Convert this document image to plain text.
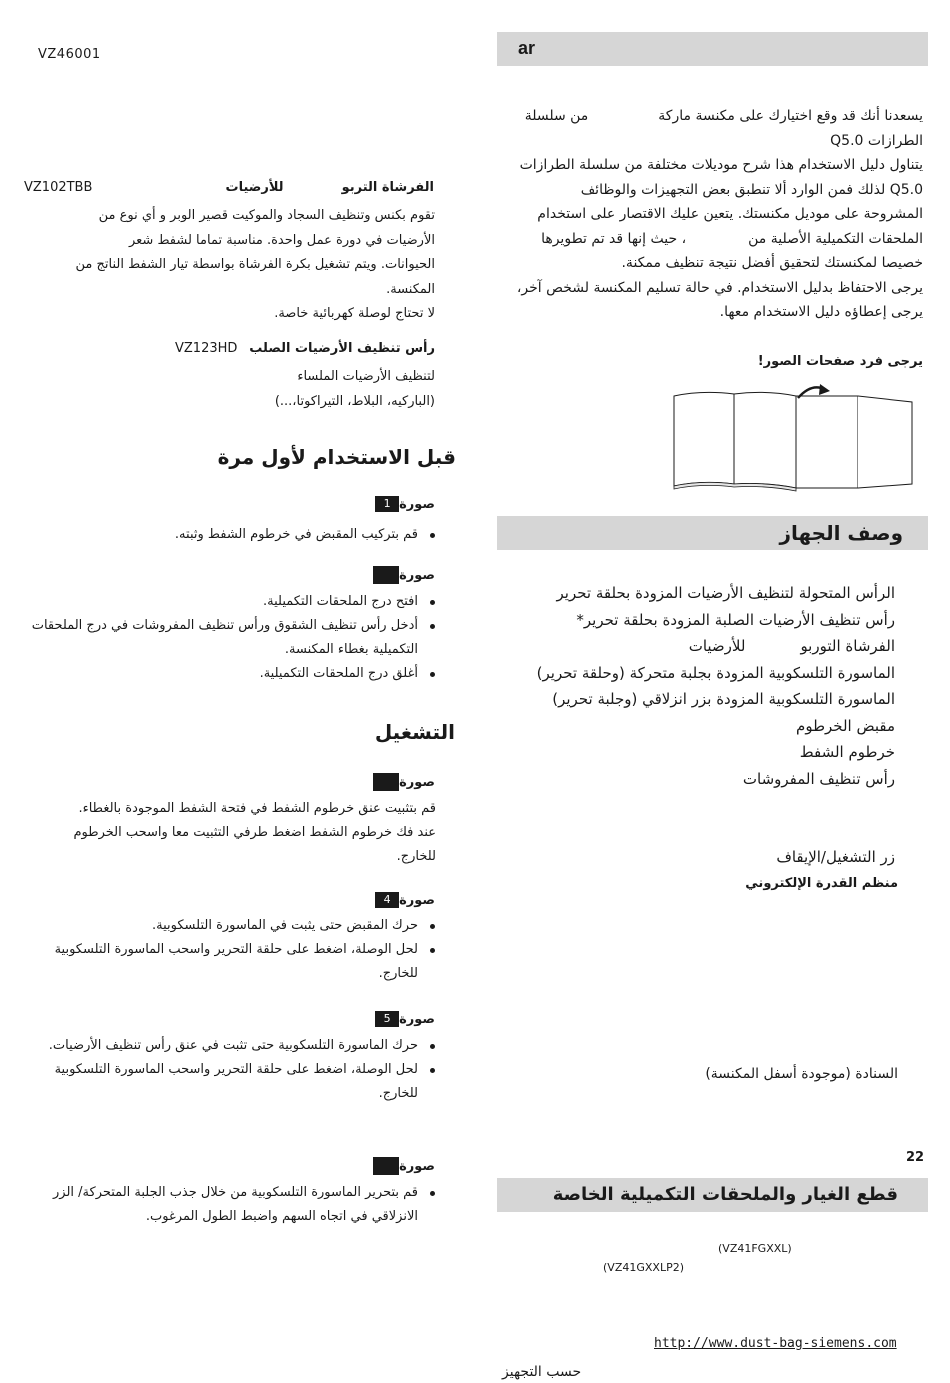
VZ46001	ar

يسعدنا أنك قد وقع اختيارك على مكنسة ماركةمن سلسلة
الطرازات Q5.0

يتناول دليل الاستخدام هذا شرح موديلات مختلفة من سلسلة الطرازات
Q5.0 لذلك فمن الوارد ألا تنطبق بعض التجهيزات والوظائف
المشروحة على موديل مكنستك. يتعين عليك الاقتصار على استخدام
الملحقات التكميلية الأصلية من، حيث إنها قد تم تطويرها
خصيصا لمكنستك لتحقيق أفضل نتيجة تنظيف ممكنة.

يرجى الاحتفاظ بدليل الاستخدام. في حالة تسليم المكنسة لشخص آخر،
يرجى إعطاؤه دليل الاستخدام معها.

يرجى فرد صفحات الصور!
وصف الجهاز
الرأس المتحولة لتنظيف الأرضيات المزودة بحلقة تحرير
رأس تنظيف الأرضيات الصلبة المزودة بحلقة تحرير*
الفرشاة التوربوللأرضيات
الماسورة التلسكوبية المزودة بجلبة متحركة (وحلقة تحرير)
الماسورة التلسكوبية المزودة بزر انزلاقي (وجلبة تحرير)
مقبض الخرطوم
خرطوم الشفط
رأس تنظيف المفروشات
زر التشغيل/الإيقاف
منظم القدرة الإلكتروني
السنادة (موجودة أسفل المكنسة)
22
قطع الغيار والملحقات التكميلية الخاصة
(VZ41FGXXL)
(VZ41GXXLP2)
http://www.dust-bag-siemens.com
حسب التجهيز
VZ102TBB	الفرشاة التربوللأرضيات

تقوم بكنس وتنظيف السجاد والموكيت قصير الوبر و أي نوع من
الأرضيات في دورة عمل واحدة. مناسبة تماما لشفط شعر
الحيوانات. ويتم تشغيل بكرة الفرشاة بواسطة تيار الشفط الناتج من
المكنسة.
لا تحتاج لوصلة كهربائية خاصة.

VZ123HD رأس تنظيف الأرضيات الصلب

لتنظيف الأرضيات الملساء
(الباركيه، البلاط، التيراكوتا،...)

قبل الاستخدام لأول مرة
صورة1
قم بتركيب المقبض في خرطوم الشفط وثبته.
صورة
افتح درج الملحقات التكميلية.
أدخل رأس تنظيف الشقوق ورأس تنظيف المفروشات في درج الملحقات التكميلية بغطاء المكنسة.
أغلق درج الملحقات التكميلية.
التشغيل
صورة

قم بتثبيت عنق خرطوم الشفط في فتحة الشفط الموجودة بالغطاء.
عند فك خرطوم الشفط اضغط طرفي التثبيت معا واسحب الخرطوم
للخارج.

صورة4
حرك المقبض حتى يثبت في الماسورة التلسكوبية.
لحل الوصلة، اضغط على حلقة التحرير واسحب الماسورة التلسكوبية للخارج.
صورة5
حرك الماسورة التلسكوبية حتى تثبت في عنق رأس تنظيف الأرضيات.
لحل الوصلة، اضغط على حلقة التحرير واسحب الماسورة التلسكوبية للخارج.
صورة
قم بتحرير الماسورة التلسكوبية من خلال جذب الجلبة المتحركة/ الزر الانزلاقي في اتجاه السهم واضبط الطول المرغوب.
